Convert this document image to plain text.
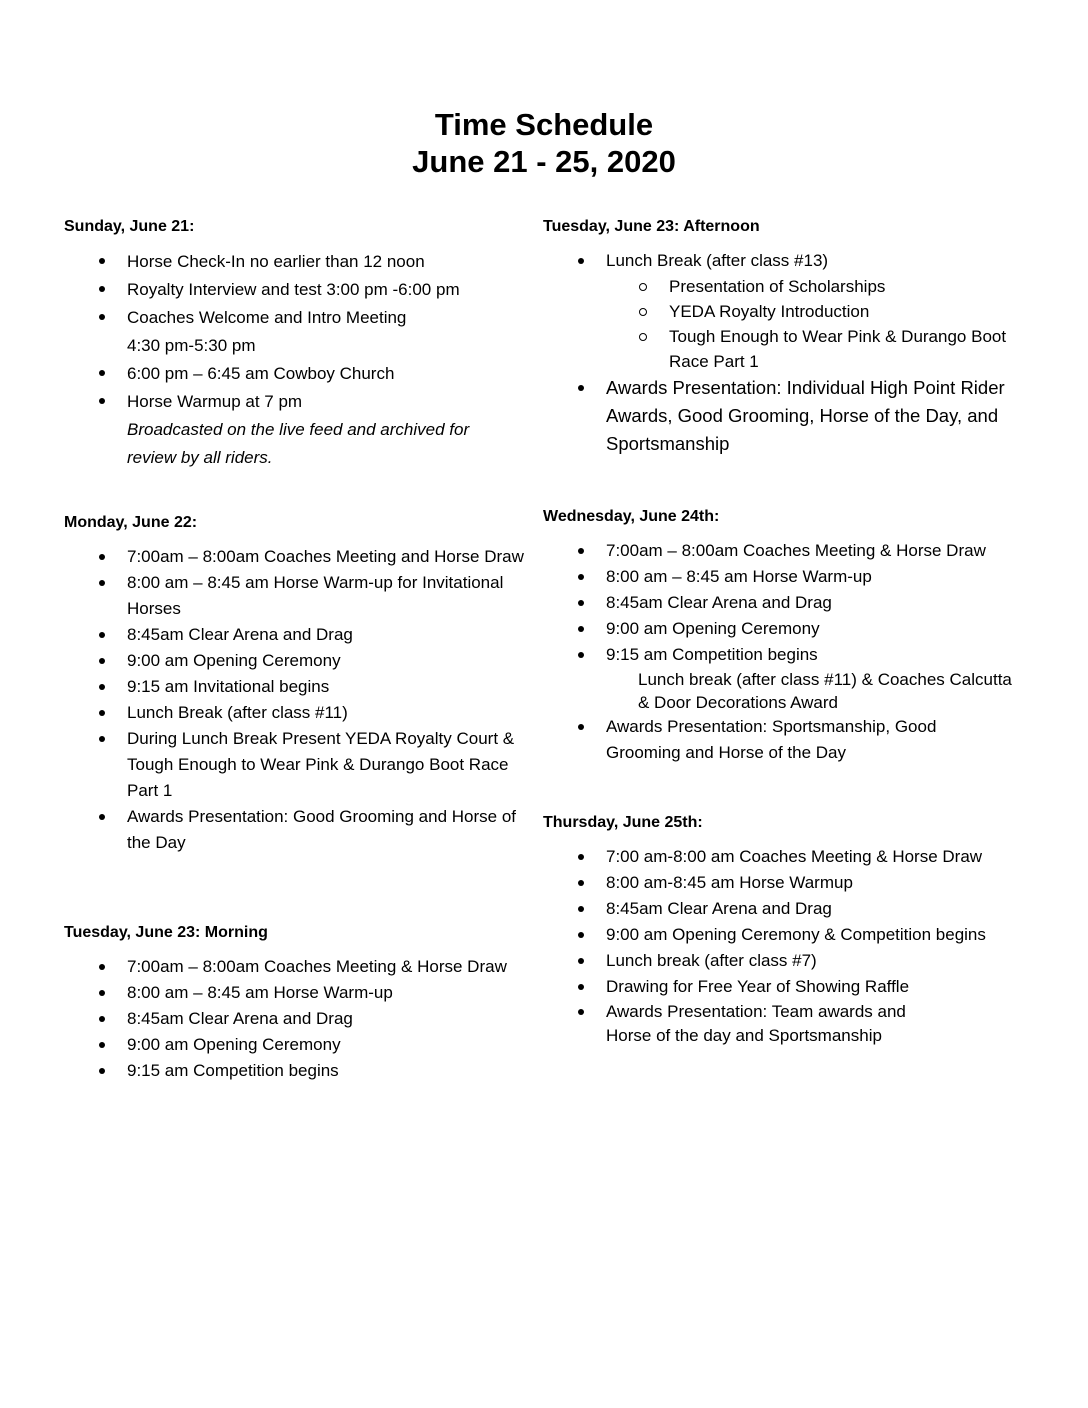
Time Schedule
June 21 - 25, 2020
Sunday, June 21:
Horse Check-In no earlier than 12 noon
Royalty Interview and test 3:00 pm -6:00 pm
Coaches Welcome and Intro Meeting
4:30 pm-5:30 pm
6:00 pm – 6:45 am Cowboy Church
Horse Warmup at 7 pm
Broadcasted on the live feed and archived for
review by all riders.
Monday, June 22:
7:00am – 8:00am Coaches Meeting and Horse Draw
8:00 am – 8:45 am Horse Warm-up for Invitational Horses
8:45am Clear Arena and Drag
9:00 am Opening Ceremony
9:15 am Invitational begins
Lunch Break (after class #11)
During Lunch Break Present YEDA Royalty Court & Tough Enough to Wear Pink & Durango Boot Race Part 1
Awards Presentation: Good Grooming and Horse of the Day
Tuesday, June 23: Morning
7:00am – 8:00am Coaches Meeting & Horse Draw
8:00 am – 8:45 am Horse Warm-up
8:45am Clear Arena and Drag
9:00 am Opening Ceremony
9:15 am Competition begins
Tuesday, June 23: Afternoon
Lunch Break (after class #13)
Presentation of Scholarships
YEDA Royalty Introduction
Tough Enough to Wear Pink & Durango Boot Race Part 1
Awards Presentation: Individual High Point Rider Awards, Good Grooming, Horse of the Day, and Sportsmanship
Wednesday, June 24th:
7:00am – 8:00am Coaches Meeting & Horse Draw
8:00 am – 8:45 am Horse Warm-up
8:45am Clear Arena and Drag
9:00 am Opening Ceremony
9:15 am Competition begins
Lunch break (after class #11) & Coaches Calcutta
& Door Decorations Award
Awards Presentation: Sportsmanship, Good Grooming and Horse of the Day
Thursday, June 25th:
7:00 am-8:00 am Coaches Meeting & Horse Draw
8:00 am-8:45 am Horse Warmup
8:45am Clear Arena and Drag
9:00 am Opening Ceremony & Competition begins
Lunch break (after class #7)
Drawing for Free Year of Showing Raffle
Awards Presentation: Team awards and
Horse of the day and Sportsmanship
